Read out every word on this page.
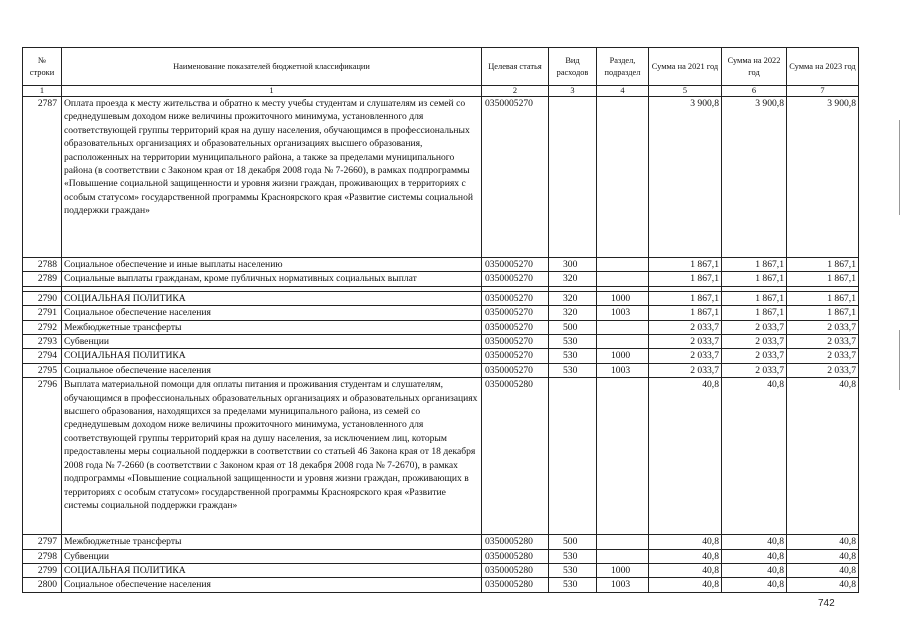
№ строки	Наименование показателей бюджетной классификации	Целевая статья	Вид расходов	Раздел, подраздел	Сумма на 2021 год	Сумма на 2022 год	Сумма на 2023 год
1	1	2	3	4	5	6	7
2787	Оплата проезда к месту жительства и обратно к месту учебы студентам и слушателям из семей со среднедушевым доходом ниже величины прожиточного минимума, установленного для соответствующей группы территорий края на душу населения, обучающимся в профессиональных образовательных организациях и образовательных организациях высшего образования, расположенных на территории муниципального района, а также за пределами муниципального района (в соответствии с Законом края от 18 декабря 2008 года № 7-2660), в рамках подпрограммы «Повышение социальной защищенности и уровня жизни граждан, проживающих в территориях с особым статусом» государственной программы Красноярского края «Развитие системы социальной поддержки граждан»	0350005270			3 900,8	3 900,8	3 900,8
2788	Социальное обеспечение и иные выплаты населению	0350005270	300		1 867,1	1 867,1	1 867,1
2789	Социальные выплаты гражданам, кроме публичных нормативных социальных выплат	0350005270	320		1 867,1	1 867,1	1 867,1

2790	СОЦИАЛЬНАЯ ПОЛИТИКА	0350005270	320	1000	1 867,1	1 867,1	1 867,1
2791	Социальное обеспечение населения	0350005270	320	1003	1 867,1	1 867,1	1 867,1
2792	Межбюджетные трансферты	0350005270	500		2 033,7	2 033,7	2 033,7
2793	Субвенции	0350005270	530		2 033,7	2 033,7	2 033,7
2794	СОЦИАЛЬНАЯ ПОЛИТИКА	0350005270	530	1000	2 033,7	2 033,7	2 033,7
2795	Социальное обеспечение населения	0350005270	530	1003	2 033,7	2 033,7	2 033,7
2796	Выплата материальной помощи для оплаты питания и проживания студентам и слушателям, обучающимся в профессиональных образовательных организациях и образовательных организациях высшего образования, находящихся за пределами муниципального района, из семей со среднедушевым доходом ниже величины прожиточного минимума, установленного для соответствующей группы территорий края на душу населения, за исключением лиц, которым предоставлены меры социальной поддержки в соответствии со статьей 46 Закона края от 18 декабря 2008 года № 7-2660 (в соответствии с Законом края от 18 декабря 2008 года № 7-2670), в рамках подпрограммы «Повышение социальной защищенности и уровня жизни граждан, проживающих в территориях с особым статусом» государственной программы Красноярского края «Развитие системы социальной поддержки граждан»	0350005280			40,8	40,8	40,8
2797	Межбюджетные трансферты	0350005280	500		40,8	40,8	40,8
2798	Субвенции	0350005280	530		40,8	40,8	40,8
2799	СОЦИАЛЬНАЯ ПОЛИТИКА	0350005280	530	1000	40,8	40,8	40,8
2800	Социальное обеспечение населения	0350005280	530	1003	40,8	40,8	40,8
742
